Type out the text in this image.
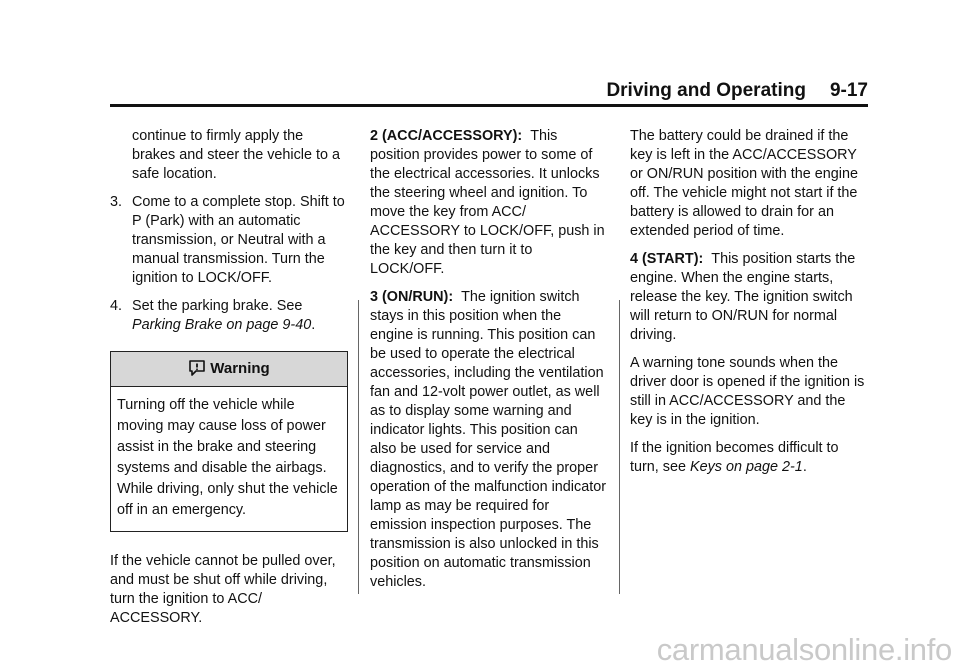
Driving and Operating 9-17

continue to firmly apply the brakes and steer the vehicle to a safe location.

3. Come to a complete stop. Shift to P (Park) with an automatic transmission, or Neutral with a manual transmission. Turn the ignition to LOCK/OFF.

4. Set the parking brake. See Parking Brake on page 9-40.

Warning
Turning off the vehicle while moving may cause loss of power assist in the brake and steering systems and disable the airbags. While driving, only shut the vehicle off in an emergency.

If the vehicle cannot be pulled over, and must be shut off while driving, turn the ignition to ACC/ ACCESSORY.

2 (ACC/ACCESSORY): This position provides power to some of the electrical accessories. It unlocks the steering wheel and ignition. To move the key from ACC/ ACCESSORY to LOCK/OFF, push in the key and then turn it to LOCK/OFF.

3 (ON/RUN): The ignition switch stays in this position when the engine is running. This position can be used to operate the electrical accessories, including the ventilation fan and 12-volt power outlet, as well as to display some warning and indicator lights. This position can also be used for service and diagnostics, and to verify the proper operation of the malfunction indicator lamp as may be required for emission inspection purposes. The transmission is also unlocked in this position on automatic transmission vehicles.

The battery could be drained if the key is left in the ACC/ACCESSORY or ON/RUN position with the engine off. The vehicle might not start if the battery is allowed to drain for an extended period of time.

4 (START): This position starts the engine. When the engine starts, release the key. The ignition switch will return to ON/RUN for normal driving.

A warning tone sounds when the driver door is opened if the ignition is still in ACC/ACCESSORY and the key is in the ignition.

If the ignition becomes difficult to turn, see Keys on page 2-1.

carmanualsonline.info
